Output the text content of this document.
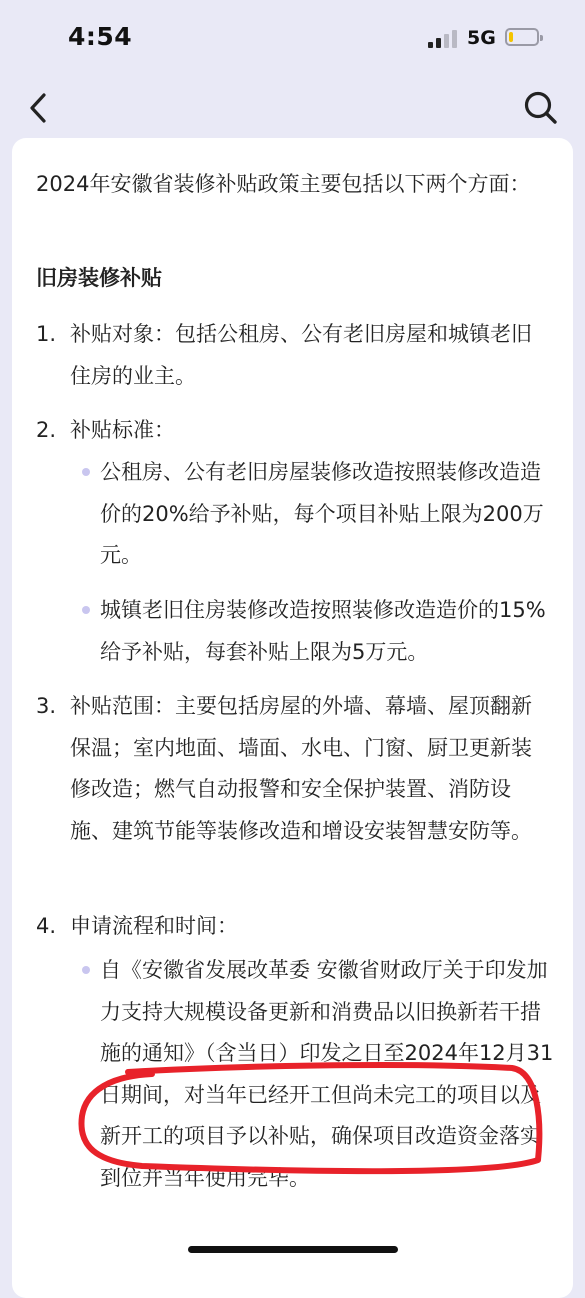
4:54	5G
2024年安徽省装修补贴政策主要包括以下两个方面：
旧房装修补贴
1. 补贴对象：包括公租房、公有老旧房屋和城镇老旧住房的业主。
2. 补贴标准：
公租房、公有老旧房屋装修改造按照装修改造造价的20%给予补贴，每个项目补贴上限为200万元。
城镇老旧住房装修改造按照装修改造造价的15%给予补贴，每套补贴上限为5万元。
3. 补贴范围：主要包括房屋的外墙、幕墙、屋顶翻新保温；室内地面、墙面、水电、门窗、厨卫更新装修改造；燃气自动报警和安全保护装置、消防设施、建筑节能等装修改造和增设安装智慧安防等。
4. 申请流程和时间：
自《安徽省发展改革委 安徽省财政厅关于印发加力支持大规模设备更新和消费品以旧换新若干措施的通知》（含当日）印发之日至2024年12月31日期间，对当年已经开工但尚未完工的项目以及新开工的项目予以补贴，确保项目改造资金落实到位并当年使用完毕。
